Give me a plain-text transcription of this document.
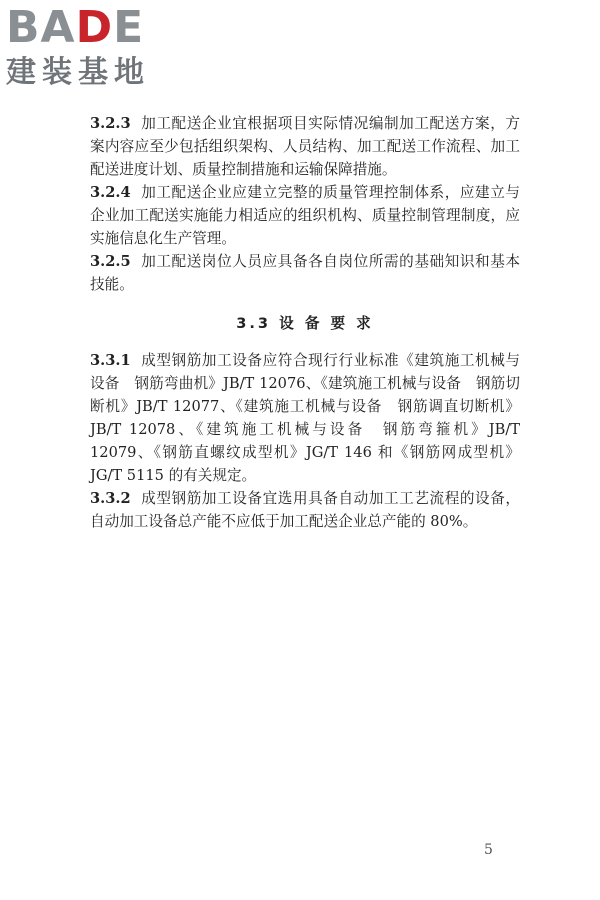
BADE
建装基地

3.2.3 加工配送企业宜根据项目实际情况编制加工配送方案，方案内容应至少包括组织架构、人员结构、加工配送工作流程、加工配送进度计划、质量控制措施和运输保障措施。

3.2.4 加工配送企业应建立完整的质量管理控制体系，应建立与企业加工配送实施能力相适应的组织机构、质量控制管理制度，应实施信息化生产管理。

3.2.5 加工配送岗位人员应具备各自岗位所需的基础知识和基本技能。

3.3 设 备 要 求

3.3.1 成型钢筋加工设备应符合现行行业标准《建筑施工机械与设备　钢筋弯曲机》JB/T 12076、《建筑施工机械与设备　钢筋切断机》JB/T 12077、《建筑施工机械与设备　钢筋调直切断机》JB/T 12078、《建筑施工机械与设备　钢筋弯箍机》JB/T 12079、《钢筋直螺纹成型机》JG/T 146 和《钢筋网成型机》JG/T 5115 的有关规定。

3.3.2 成型钢筋加工设备宜选用具备自动加工工艺流程的设备，自动加工设备总产能不应低于加工配送企业总产能的 80%。

5
